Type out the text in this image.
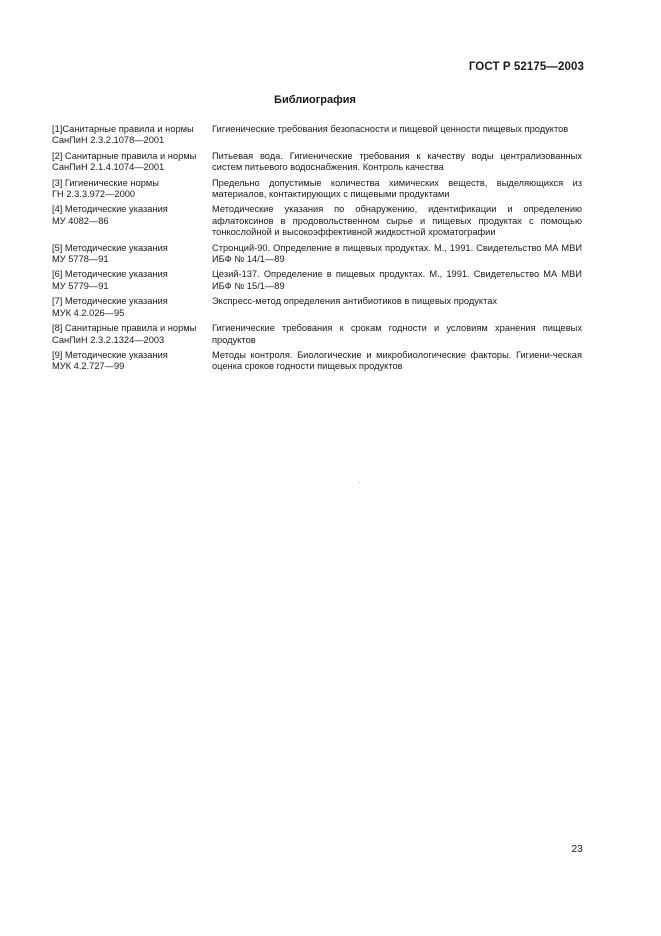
ГОСТ Р 52175—2003
Библиография
[1]Санитарные правила и нормы
СанПиН 2.3.2.1078—2001
Гигиенические требования безопасности и пищевой ценности пищевых продуктов
[2] Санитарные правила и нормы
СанПиН 2.1.4.1074—2001
Питьевая вода. Гигиенические требования к качеству воды централизованных систем питьевого водоснабжения. Контроль качества
[3] Гигиенические нормы
ГН 2.3.3.972—2000
Предельно допустимые количества химических веществ, выделяющихся из материалов, контактирующих с пищевыми продуктами
[4] Методические указания
МУ 4082—86
Методические указания по обнаружению, идентификации и определению афлатоксинов в продовольственном сырье и пищевых продуктах с помощью тонкослойной и высокоэффективной жидкостной хроматографии
[5] Методические указания
МУ 5778—91
Стронций-90. Определение в пищевых продуктах. М., 1991. Свидетельство МА МВИ ИБФ № 14/1—89
[6] Методические указания
МУ 5779—91
Цезий-137. Определение в пищевых продуктах. М., 1991. Свидетельство МА МВИ ИБФ № 15/1—89
[7] Методические указания
МУК 4.2.026—95
Экспресс-метод определения антибиотиков в пищевых продуктах
[8] Санитарные правила и нормы
СанПиН 2.3.2.1324—2003
Гигиенические требования к срокам годности и условиям хранения пищевых продуктов
[9] Методические указания
МУК 4.2.727—99
Методы контроля. Биологические и микробиологические факторы. Гигиени-ческая оценка сроков годности пищевых продуктов
23
